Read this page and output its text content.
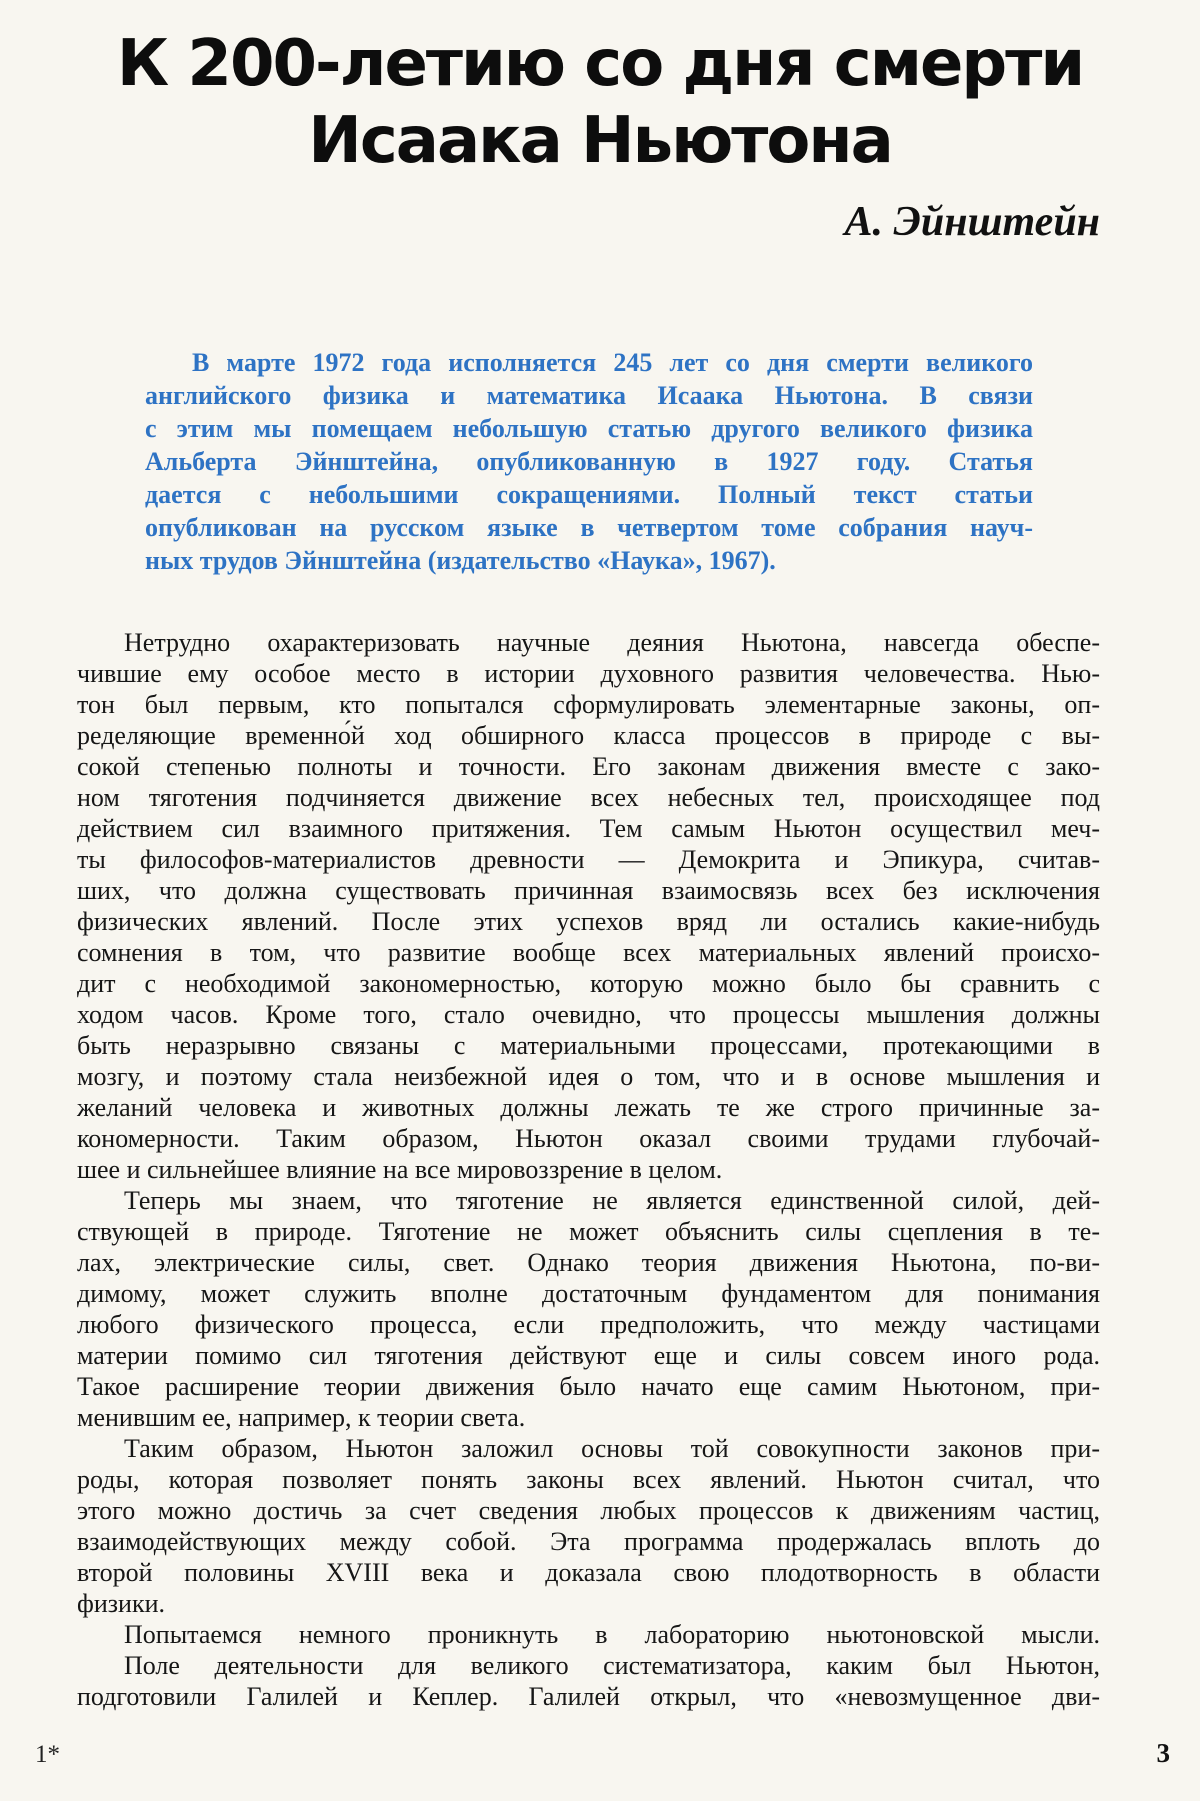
К 200-летию со дня смерти
Исаака Ньютона
А. Эйнштейн
В марте 1972 года исполняется 245 лет со дня смерти великого
английского физика и математика Исаака Ньютона. В связи
с этим мы помещаем небольшую статью другого великого физика
Альберта Эйнштейна, опубликованную в 1927 году. Статья
дается с небольшими сокращениями. Полный текст статьи
опубликован на русском языке в четвертом томе собрания науч-
ных трудов Эйнштейна (издательство «Наука», 1967).
Нетрудно охарактеризовать научные деяния Ньютона, навсегда обеспе-
чившие ему особое место в истории духовного развития человечества. Нью-
тон был первым, кто попытался сформулировать элементарные законы, оп-
ределяющие временно́й ход обширного класса процессов в природе с вы-
сокой степенью полноты и точности. Его законам движения вместе с зако-
ном тяготения подчиняется движение всех небесных тел, происходящее под
действием сил взаимного притяжения. Тем самым Ньютон осуществил меч-
ты философов-материалистов древности — Демокрита и Эпикура, считав-
ших, что должна существовать причинная взаимосвязь всех без исключения
физических явлений. После этих успехов вряд ли остались какие-нибудь
сомнения в том, что развитие вообще всех материальных явлений происхо-
дит с необходимой закономерностью, которую можно было бы сравнить с
ходом часов. Кроме того, стало очевидно, что процессы мышления должны
быть неразрывно связаны с материальными процессами, протекающими в
мозгу, и поэтому стала неизбежной идея о том, что и в основе мышления и
желаний человека и животных должны лежать те же строго причинные за-
кономерности. Таким образом, Ньютон оказал своими трудами глубочай-
шее и сильнейшее влияние на все мировоззрение в целом.
Теперь мы знаем, что тяготение не является единственной силой, дей-
ствующей в природе. Тяготение не может объяснить силы сцепления в те-
лах, электрические силы, свет. Однако теория движения Ньютона, по-ви-
димому, может служить вполне достаточным фундаментом для понимания
любого физического процесса, если предположить, что между частицами
материи помимо сил тяготения действуют еще и силы совсем иного рода.
Такое расширение теории движения было начато еще самим Ньютоном, при-
менившим ее, например, к теории света.
Таким образом, Ньютон заложил основы той совокупности законов при-
роды, которая позволяет понять законы всех явлений. Ньютон считал, что
этого можно достичь за счет сведения любых процессов к движениям частиц,
взаимодействующих между собой. Эта программа продержалась вплоть до
второй половины XVIII века и доказала свою плодотворность в области
физики.
Попытаемся немного проникнуть в лабораторию ньютоновской мысли.
Поле деятельности для великого систематизатора, каким был Ньютон,
подготовили Галилей и Кеплер. Галилей открыл, что «невозмущенное дви-
1*	3
